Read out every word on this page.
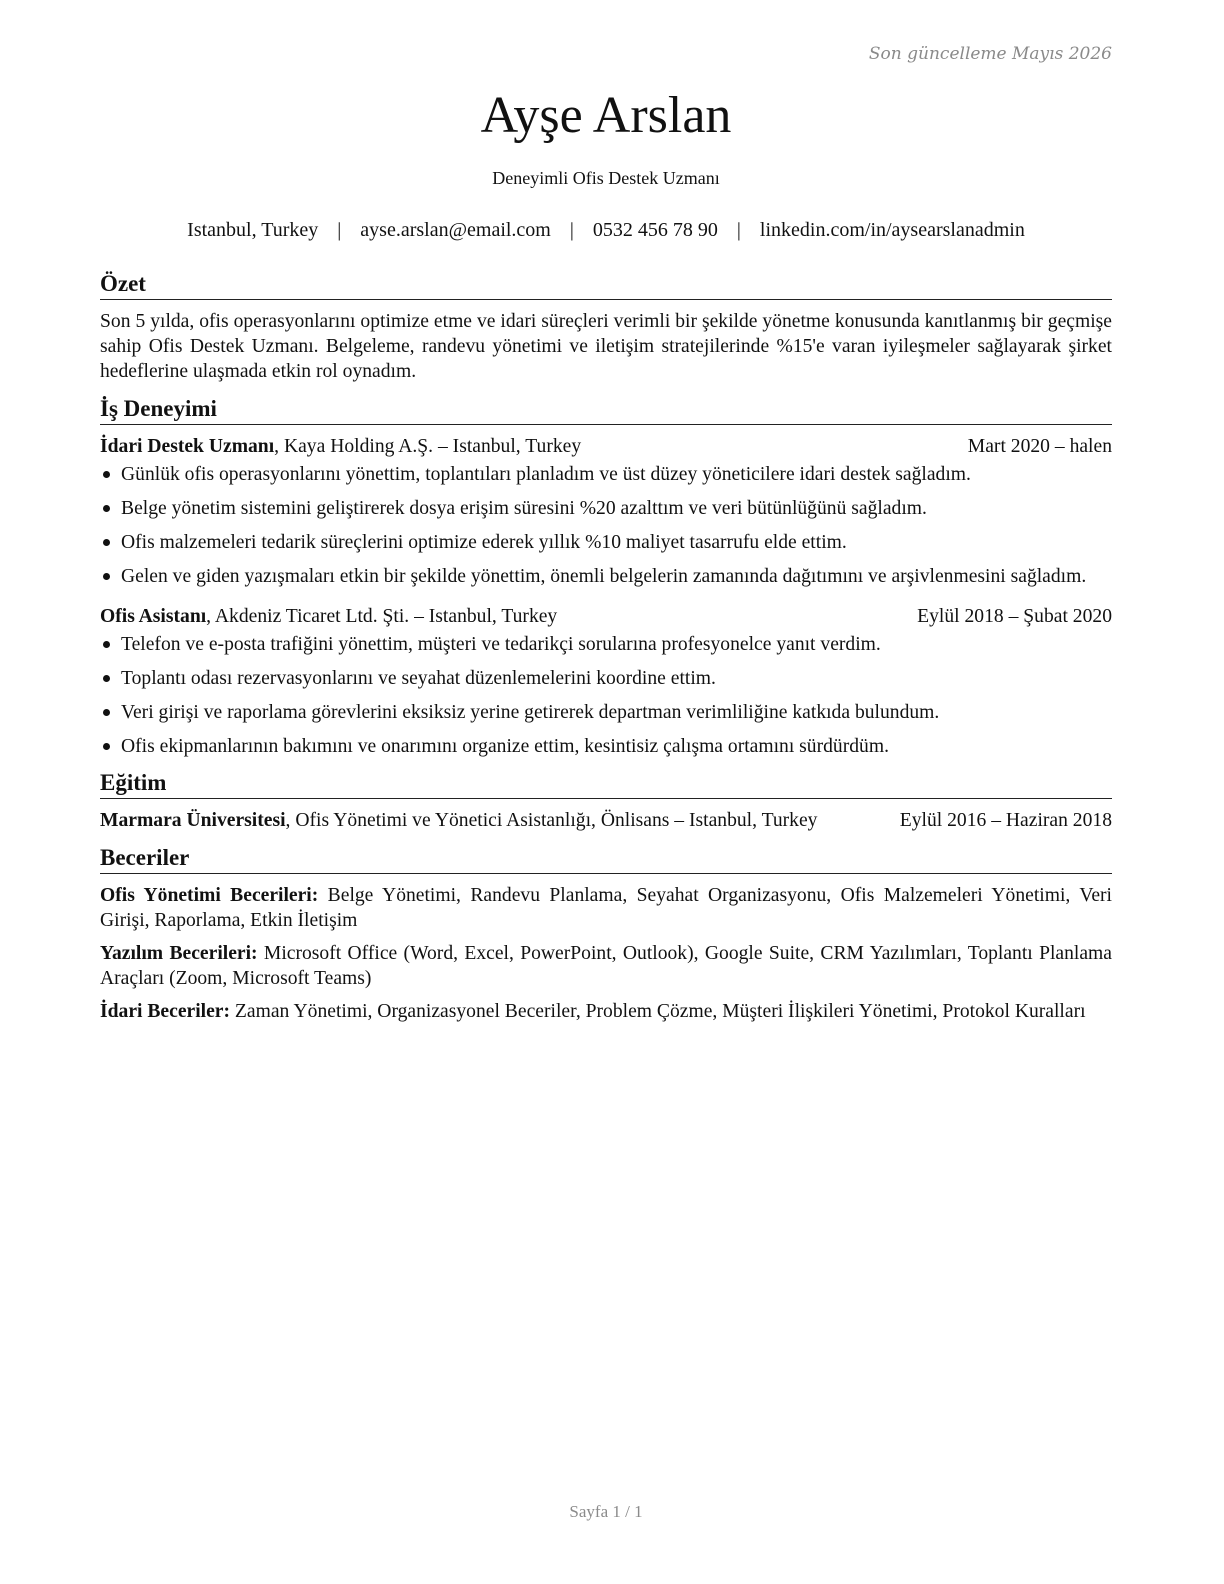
Son güncelleme Mayıs 2026
Ayşe Arslan
Deneyimli Ofis Destek Uzmanı
Istanbul, Turkey | ayse.arslan@email.com | 0532 456 78 90 | linkedin.com/in/aysearslanadmin
Özet

Son 5 yılda, ofis operasyonlarını optimize etme ve idari süreçleri verimli bir şekilde yönetme konusunda kanıtlanmış bir geçmişe sahip Ofis Destek Uzmanı. Belgeleme, randevu yönetimi ve iletişim stratejilerinde %15'e varan iyileşmeler sağlayarak şirket hedeflerine ulaşmada etkin rol oynadım.

İş Deneyimi
İdari Destek Uzmanı, Kaya Holding A.Ş. – Istanbul, Turkey	Mart 2020 – halen
Günlük ofis operasyonlarını yönettim, toplantıları planladım ve üst düzey yöneticilere idari destek sağladım.
Belge yönetim sistemini geliştirerek dosya erişim süresini %20 azalttım ve veri bütünlüğünü sağladım.
Ofis malzemeleri tedarik süreçlerini optimize ederek yıllık %10 maliyet tasarrufu elde ettim.
Gelen ve giden yazışmaları etkin bir şekilde yönettim, önemli belgelerin zamanında dağıtımını ve arşivlenmesini sağladım.
Ofis Asistanı, Akdeniz Ticaret Ltd. Şti. – Istanbul, Turkey	Eylül 2018 – Şubat 2020
Telefon ve e-posta trafiğini yönettim, müşteri ve tedarikçi sorularına profesyonelce yanıt verdim.
Toplantı odası rezervasyonlarını ve seyahat düzenlemelerini koordine ettim.
Veri girişi ve raporlama görevlerini eksiksiz yerine getirerek departman verimliliğine katkıda bulundum.
Ofis ekipmanlarının bakımını ve onarımını organize ettim, kesintisiz çalışma ortamını sürdürdüm.
Eğitim
Marmara Üniversitesi, Ofis Yönetimi ve Yönetici Asistanlığı, Önlisans – Istanbul, Turkey	Eylül 2016 – Haziran 2018
Beceriler

Ofis Yönetimi Becerileri: Belge Yönetimi, Randevu Planlama, Seyahat Organizasyonu, Ofis Malzemeleri Yönetimi, Veri Girişi, Raporlama, Etkin İletişim

Yazılım Becerileri: Microsoft Office (Word, Excel, PowerPoint, Outlook), Google Suite, CRM Yazılımları, Toplantı Planlama Araçları (Zoom, Microsoft Teams)

İdari Beceriler: Zaman Yönetimi, Organizasyonel Beceriler, Problem Çözme, Müşteri İlişkileri Yönetimi, Protokol Kuralları

Sayfa 1 / 1
